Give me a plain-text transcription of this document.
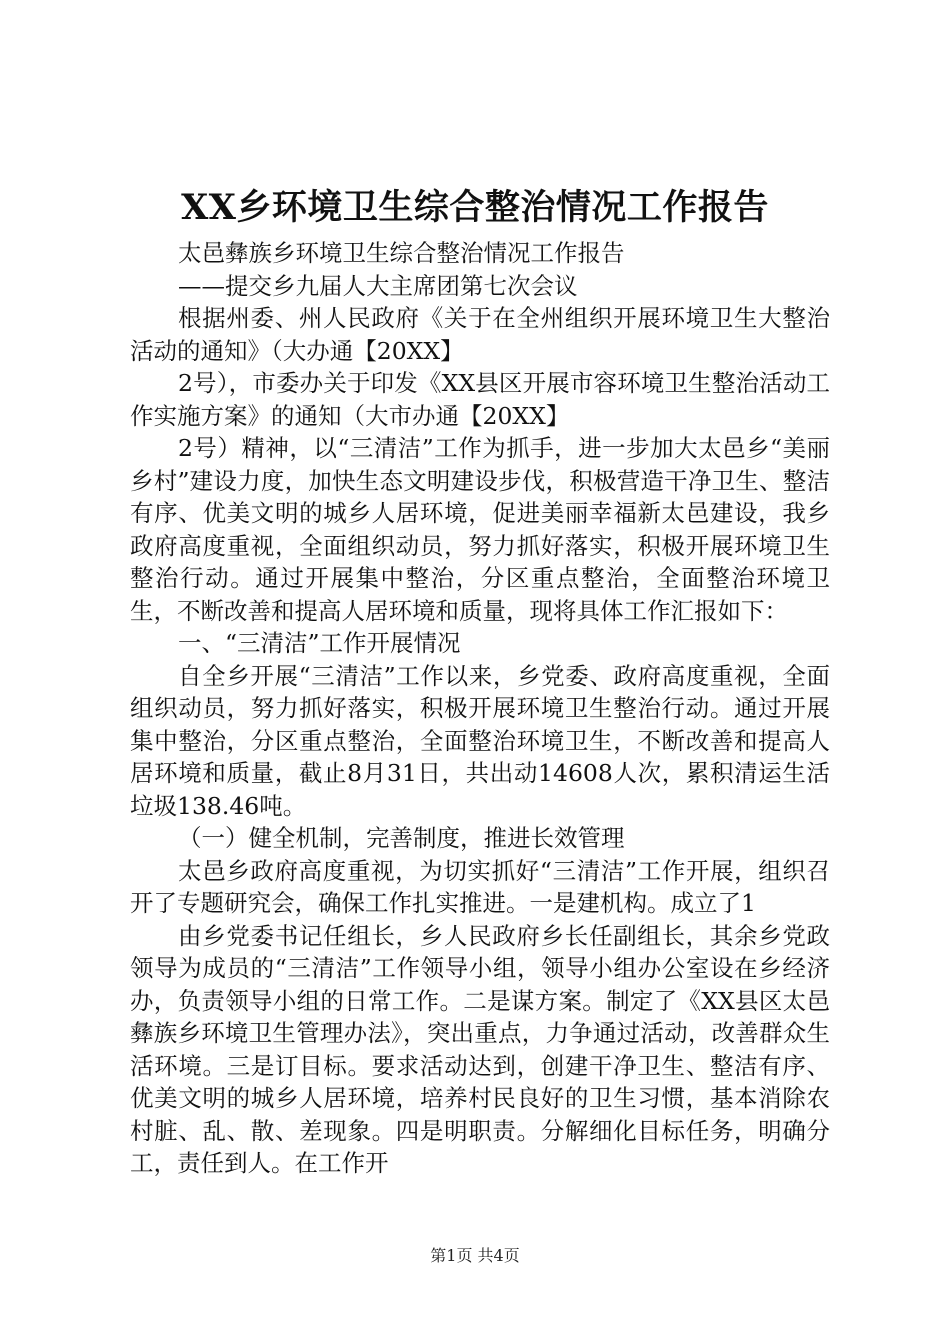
XX乡环境卫生综合整治情况工作报告

太邑彝族乡环境卫生综合整治情况工作报告

——提交乡九届人大主席团第七次会议

根据州委、州人民政府《关于在全州组织开展环境卫生大整治活动的通知》（大办通【20XX】

2号），市委办关于印发《XX县区开展市容环境卫生整治活动工作实施方案》的通知（大市办通【20XX】

2号）精神，以“三清洁”工作为抓手，进一步加大太邑乡“美丽乡村”建设力度，加快生态文明建设步伐，积极营造干净卫生、整洁有序、优美文明的城乡人居环境，促进美丽幸福新太邑建设，我乡政府高度重视，全面组织动员，努力抓好落实，积极开展环境卫生整治行动。通过开展集中整治，分区重点整治，全面整治环境卫生，不断改善和提高人居环境和质量，现将具体工作汇报如下：

一、“三清洁”工作开展情况

自全乡开展“三清洁”工作以来，乡党委、政府高度重视，全面组织动员，努力抓好落实，积极开展环境卫生整治行动。通过开展集中整治，分区重点整治，全面整治环境卫生，不断改善和提高人居环境和质量，截止8月31日，共出动14608人次，累积清运生活垃圾138.46吨。

（一）健全机制，完善制度，推进长效管理

太邑乡政府高度重视，为切实抓好“三清洁”工作开展，组织召开了专题研究会，确保工作扎实推进。一是建机构。成立了1

由乡党委书记任组长，乡人民政府乡长任副组长，其余乡党政领导为成员的“三清洁”工作领导小组，领导小组办公室设在乡经济办，负责领导小组的日常工作。二是谋方案。制定了《XX县区太邑彝族乡环境卫生管理办法》，突出重点，力争通过活动，改善群众生活环境。三是订目标。要求活动达到，创建干净卫生、整洁有序、优美文明的城乡人居环境，培养村民良好的卫生习惯，基本消除农村脏、乱、散、差现象。四是明职责。分解细化目标任务，明确分工，责任到人。在工作开

第1页 共4页
